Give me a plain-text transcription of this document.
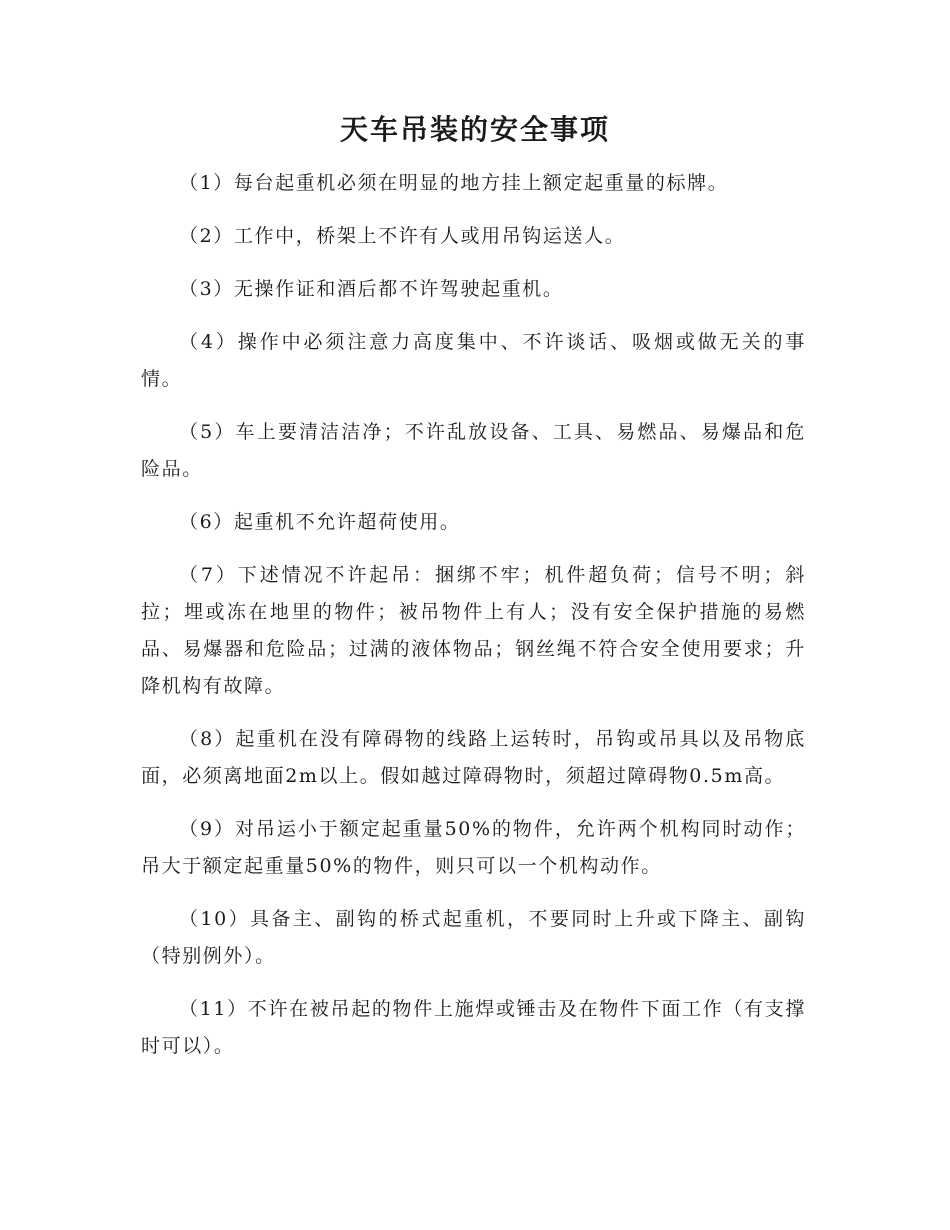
天车吊装的安全事项

（1）每台起重机必须在明显的地方挂上额定起重量的标牌。

（2）工作中，桥架上不许有人或用吊钩运送人。

（3）无操作证和酒后都不许驾驶起重机。

（4）操作中必须注意力高度集中、不许谈话、吸烟或做无关的事情。

（5）车上要清洁洁净；不许乱放设备、工具、易燃品、易爆品和危险品。

（6）起重机不允许超荷使用。

（7）下述情况不许起吊：捆绑不牢；机件超负荷；信号不明；斜拉；埋或冻在地里的物件；被吊物件上有人；没有安全保护措施的易燃品、易爆器和危险品；过满的液体物品；钢丝绳不符合安全使用要求；升降机构有故障。

（8）起重机在没有障碍物的线路上运转时，吊钩或吊具以及吊物底面，必须离地面2m以上。假如越过障碍物时，须超过障碍物0.5m高。

（9）对吊运小于额定起重量50%的物件，允许两个机构同时动作；吊大于额定起重量50%的物件，则只可以一个机构动作。

（10）具备主、副钩的桥式起重机，不要同时上升或下降主、副钩（特别例外）。

（11）不许在被吊起的物件上施焊或锤击及在物件下面工作（有支撑时可以）。
